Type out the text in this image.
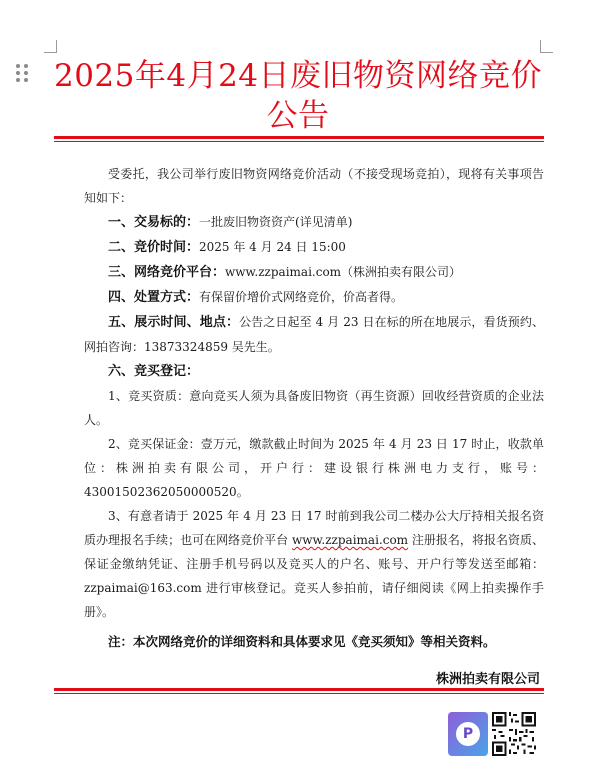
2025年4月24日废旧物资网络竞价公告

受委托，我公司举行废旧物资网络竞价活动（不接受现场竞拍），现将有关事项告知如下：

一、交易标的：一批废旧物资资产(详见清单)

二、竞价时间：2025 年 4 月 24 日 15:00

三、网络竞价平台：www.zzpaimai.com（株洲拍卖有限公司）

四、处置方式：有保留价增价式网络竞价，价高者得。

五、展示时间、地点：公告之日起至 4 月 23 日在标的所在地展示，看货预约、网拍咨询：13873324859 吴先生。

六、竞买登记：

1、竞买资质：意向竞买人须为具备废旧物资（再生资源）回收经营资质的企业法人。

2、竞买保证金：壹万元，缴款截止时间为 2025 年 4 月 23 日 17 时止，收款单位：株洲拍卖有限公司，开户行：建设银行株洲电力支行，账号：43001502362050000520。

3、有意者请于 2025 年 4 月 23 日 17 时前到我公司二楼办公大厅持相关报名资质办理报名手续；也可在网络竞价平台 www.zzpaimai.com 注册报名，将报名资质、保证金缴纳凭证、注册手机号码以及竞买人的户名、账号、开户行等发送至邮箱：zzpaimai@163.com 进行审核登记。竞买人参拍前，请仔细阅读《网上拍卖操作手册》。

注：本次网络竞价的详细资料和具体要求见《竞买须知》等相关资料。

株洲拍卖有限公司

P
